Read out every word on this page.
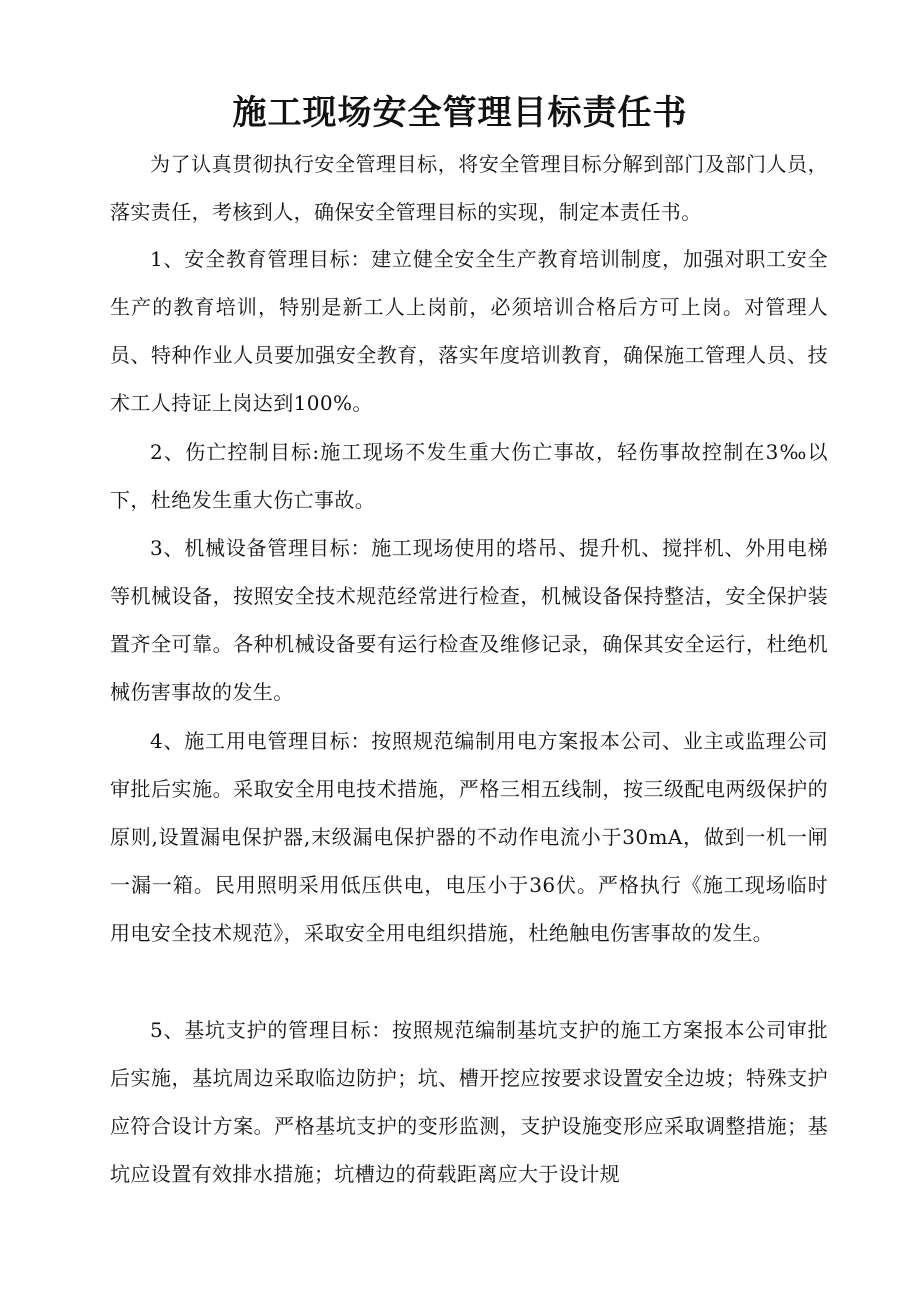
施工现场安全管理目标责任书

为了认真贯彻执行安全管理目标，将安全管理目标分解到部门及部门人员，落实责任，考核到人，确保安全管理目标的实现，制定本责任书。

1、安全教育管理目标：建立健全安全生产教育培训制度，加强对职工安全生产的教育培训，特别是新工人上岗前，必须培训合格后方可上岗。对管理人员、特种作业人员要加强安全教育，落实年度培训教育，确保施工管理人员、技术工人持证上岗达到100%。

2、伤亡控制目标:施工现场不发生重大伤亡事故，轻伤事故控制在3‰以下，杜绝发生重大伤亡事故。

3、机械设备管理目标：施工现场使用的塔吊、提升机、搅拌机、外用电梯等机械设备，按照安全技术规范经常进行检查，机械设备保持整洁，安全保护装置齐全可靠。各种机械设备要有运行检查及维修记录，确保其安全运行，杜绝机械伤害事故的发生。

4、施工用电管理目标：按照规范编制用电方案报本公司、业主或监理公司审批后实施。采取安全用电技术措施，严格三相五线制，按三级配电两级保护的原则,设置漏电保护器,末级漏电保护器的不动作电流小于30mA，做到一机一闸一漏一箱。民用照明采用低压供电，电压小于36伏。严格执行《施工现场临时用电安全技术规范》，采取安全用电组织措施，杜绝触电伤害事故的发生。

5、基坑支护的管理目标：按照规范编制基坑支护的施工方案报本公司审批后实施，基坑周边采取临边防护；坑、槽开挖应按要求设置安全边坡；特殊支护应符合设计方案。严格基坑支护的变形监测，支护设施变形应采取调整措施；基坑应设置有效排水措施；坑槽边的荷载距离应大于设计规
